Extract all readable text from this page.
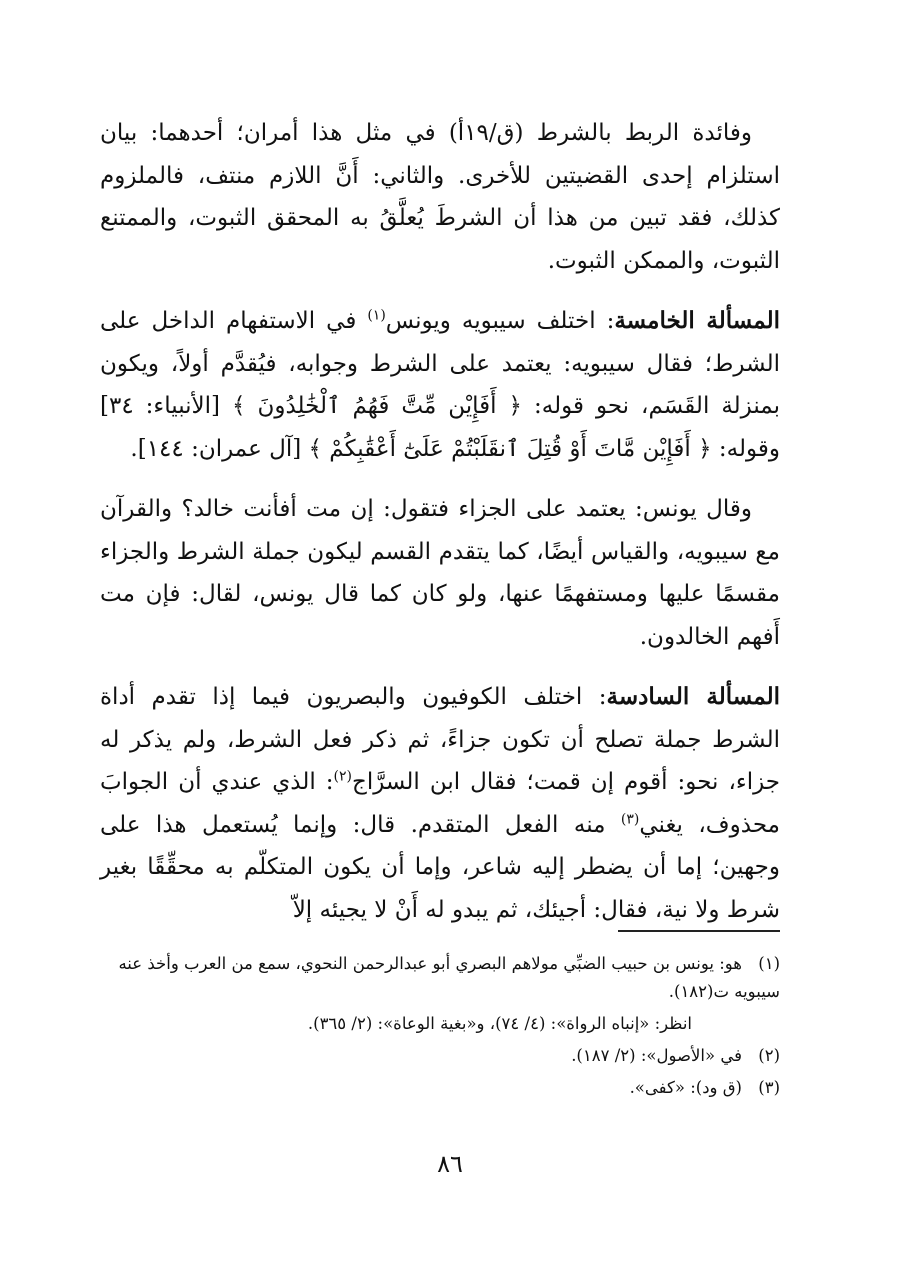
وفائدة الربط بالشرط (ق/١٩أ) في مثل هذا أمران؛ أحدهما: بيان استلزام إحدى القضيتين للأخرى. والثاني: أَنَّ اللازم منتف، فالملزوم كذلك، فقد تبين من هذا أن الشرطَ يُعلَّقُ به المحقق الثبوت، والممتنع الثبوت، والممكن الثبوت.

المسألة الخامسة: اختلف سيبويه ويونس$^{(١)}$ في الاستفهام الداخل على الشرط؛ فقال سيبويه: يعتمد على الشرط وجوابه، فيُقدَّم أولاً، ويكون بمنزلة القَسَم، نحو قوله: ﴿ أَفَإِيْن مِّتَّ فَهُمُ ٱلْخَٰلِدُونَ ﴾ [الأنبياء: ٣٤] وقوله: ﴿ أَفَإِيْن مَّاتَ أَوْ قُتِلَ ٱنقَلَبْتُمْ عَلَىٰٓ أَعْقَٰبِكُمْ ﴾ [آل عمران: ١٤٤].

وقال يونس: يعتمد على الجزاء فتقول: إن مت أفأنت خالد؟ والقرآن مع سيبويه، والقياس أيضًا، كما يتقدم القسم ليكون جملة الشرط والجزاء مقسمًا عليها ومستفهمًا عنها، ولو كان كما قال يونس، لقال: فإن مت أَفهم الخالدون.

المسألة السادسة: اختلف الكوفيون والبصريون فيما إذا تقدم أداة الشرط جملة تصلح أن تكون جزاءً، ثم ذكر فعل الشرط، ولم يذكر له جزاء، نحو: أقوم إن قمت؛ فقال ابن السرَّاج$^{(٢)}$: الذي عندي أن الجوابَ محذوف، يغني$^{(٣)}$ منه الفعل المتقدم. قال: وإنما يُستعمل هذا على وجهين؛ إما أن يضطر إليه شاعر، وإما أن يكون المتكلّم به محقِّقًا بغير شرط ولا نية، فقال: أجيئك، ثم يبدو له أَنْ لا يجيئه إلاّ

(١)هو: يونس بن حبيب الضبِّي مولاهم البصري أبو عبدالرحمن النحوي، سمع من العرب وأخذ عنه سيبويه ت(١٨٢).

انظر: «إنباه الرواة»: (٤/ ٧٤)، و«بغية الوعاة»: (٢/ ٣٦٥).

(٢)في «الأصول»: (٢/ ١٨٧).

(٣)(ق ود): «كفى».

٨٦
